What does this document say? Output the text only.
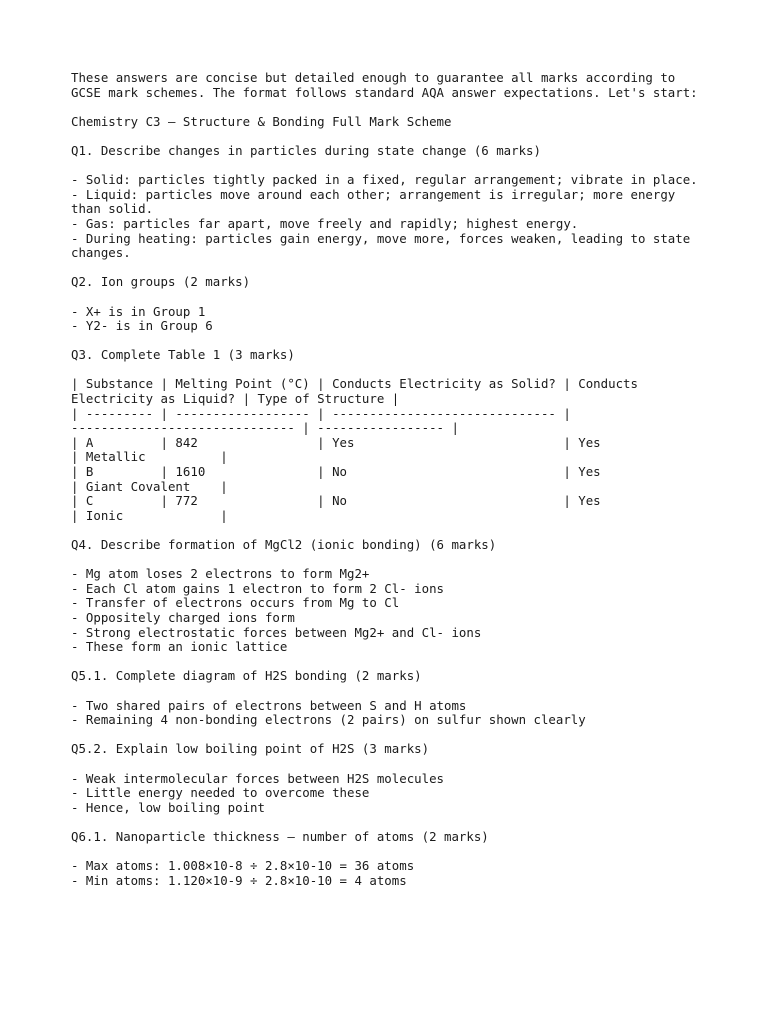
These answers are concise but detailed enough to guarantee all marks according to GCSE mark schemes. The format follows standard AQA answer expectations. Let's start:
Chemistry C3 – Structure & Bonding Full Mark Scheme
Q1. Describe changes in particles during state change (6 marks)
- Solid: particles tightly packed in a fixed, regular arrangement; vibrate in place.
- Liquid: particles move around each other; arrangement is irregular; more energy than solid.
- Gas: particles far apart, move freely and rapidly; highest energy.
- During heating: particles gain energy, move more, forces weaken, leading to state changes.
Q2. Ion groups (2 marks)
- X+ is in Group 1
- Y2- is in Group 6
Q3. Complete Table 1 (3 marks)
| Substance | Melting Point (°C) | Conducts Electricity as Solid? | Conducts
Electricity as Liquid? | Type of Structure |
| --------- | ------------------ | ------------------------------ |
------------------------------ | ----------------- |
| A         | 842                | Yes                            | Yes
| Metallic          |
| B         | 1610               | No                             | Yes
| Giant Covalent    |
| C         | 772                | No                             | Yes
| Ionic             |
Q4. Describe formation of MgCl2 (ionic bonding) (6 marks)
- Mg atom loses 2 electrons to form Mg2+
- Each Cl atom gains 1 electron to form 2 Cl- ions
- Transfer of electrons occurs from Mg to Cl
- Oppositely charged ions form
- Strong electrostatic forces between Mg2+ and Cl- ions
- These form an ionic lattice
Q5.1. Complete diagram of H2S bonding (2 marks)
- Two shared pairs of electrons between S and H atoms
- Remaining 4 non-bonding electrons (2 pairs) on sulfur shown clearly
Q5.2. Explain low boiling point of H2S (3 marks)
- Weak intermolecular forces between H2S molecules
- Little energy needed to overcome these
- Hence, low boiling point
Q6.1. Nanoparticle thickness – number of atoms (2 marks)
- Max atoms: 1.008×10-8 ÷ 2.8×10-10 = 36 atoms
- Min atoms: 1.120×10-9 ÷ 2.8×10-10 = 4 atoms
